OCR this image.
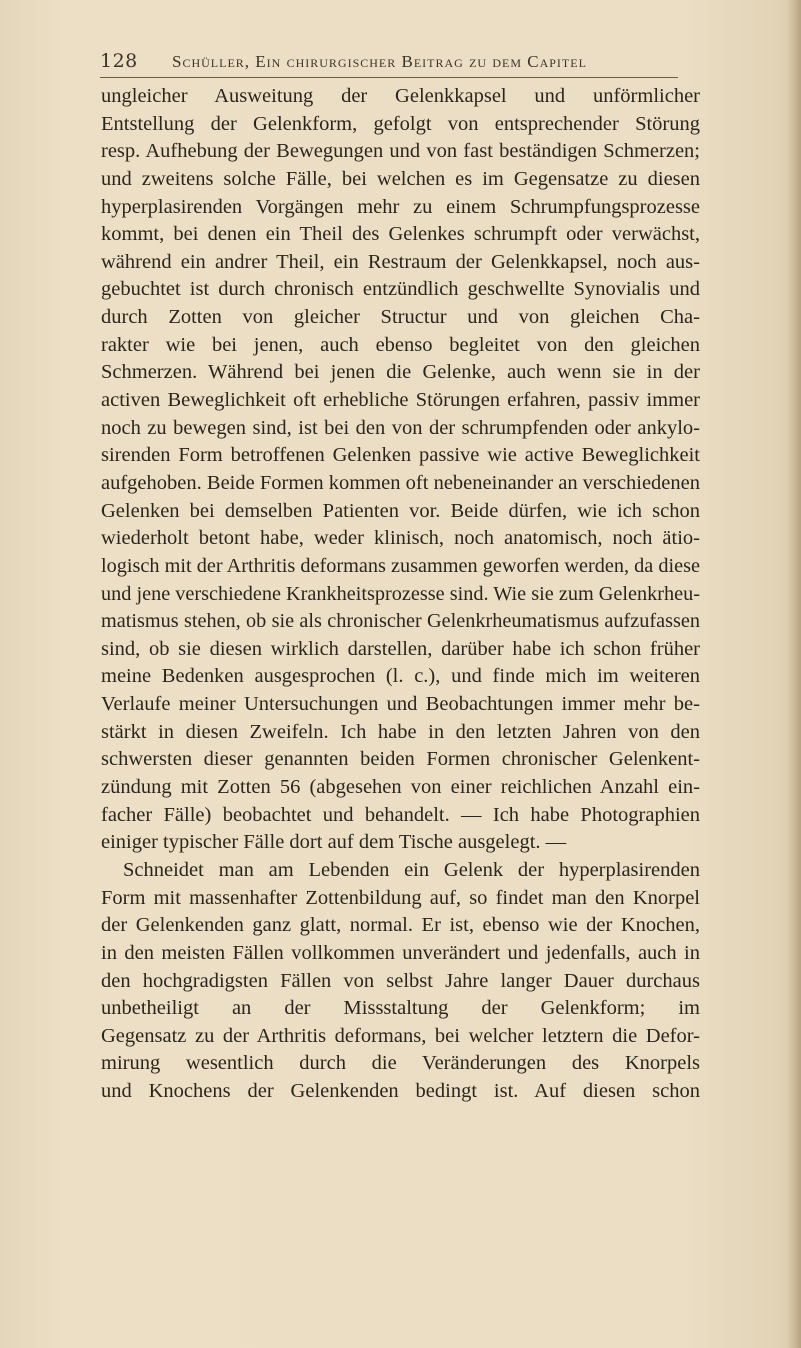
128 Schüller, Ein chirurgischer Beitrag zu dem Capitel
ungleicher Ausweitung der Gelenkkapsel und unförmlicher
Entstellung der Gelenkform, gefolgt von entsprechender Störung
resp. Aufhebung der Bewegungen und von fast beständigen Schmerzen;
und zweitens solche Fälle, bei welchen es im Gegensatze zu diesen
hyperplasirenden Vorgängen mehr zu einem Schrumpfungsprozesse
kommt, bei denen ein Theil des Gelenkes schrumpft oder verwächst,
während ein andrer Theil, ein Restraum der Gelenkkapsel, noch aus-
gebuchtet ist durch chronisch entzündlich geschwellte Synovialis und
durch Zotten von gleicher Structur und von gleichen Cha-
rakter wie bei jenen, auch ebenso begleitet von den gleichen
Schmerzen. Während bei jenen die Gelenke, auch wenn sie in der
activen Beweglichkeit oft erhebliche Störungen erfahren, passiv immer
noch zu bewegen sind, ist bei den von der schrumpfenden oder ankylo-
sirenden Form betroffenen Gelenken passive wie active Beweglichkeit
aufgehoben. Beide Formen kommen oft nebeneinander an verschiedenen
Gelenken bei demselben Patienten vor. Beide dürfen, wie ich schon
wiederholt betont habe, weder klinisch, noch anatomisch, noch ätio-
logisch mit der Arthritis deformans zusammen geworfen werden, da diese
und jene verschiedene Krankheitsprozesse sind. Wie sie zum Gelenkrheu-
matismus stehen, ob sie als chronischer Gelenkrheumatismus aufzufassen
sind, ob sie diesen wirklich darstellen, darüber habe ich schon früher
meine Bedenken ausgesprochen (l. c.), und finde mich im weiteren
Verlaufe meiner Untersuchungen und Beobachtungen immer mehr be-
stärkt in diesen Zweifeln. Ich habe in den letzten Jahren von den
schwersten dieser genannten beiden Formen chronischer Gelenkent-
zündung mit Zotten 56 (abgesehen von einer reichlichen Anzahl ein-
facher Fälle) beobachtet und behandelt. — Ich habe Photographien
einiger typischer Fälle dort auf dem Tische ausgelegt. —
Schneidet man am Lebenden ein Gelenk der hyperplasirenden
Form mit massenhafter Zottenbildung auf, so findet man den Knorpel
der Gelenkenden ganz glatt, normal. Er ist, ebenso wie der Knochen,
in den meisten Fällen vollkommen unverändert und jedenfalls, auch in
den hochgradigsten Fällen von selbst Jahre langer Dauer durchaus
unbetheiligt an der Missstaltung der Gelenkform; im
Gegensatz zu der Arthritis deformans, bei welcher letztern die Defor-
mirung wesentlich durch die Veränderungen des Knorpels
und Knochens der Gelenkenden bedingt ist. Auf diesen schon
